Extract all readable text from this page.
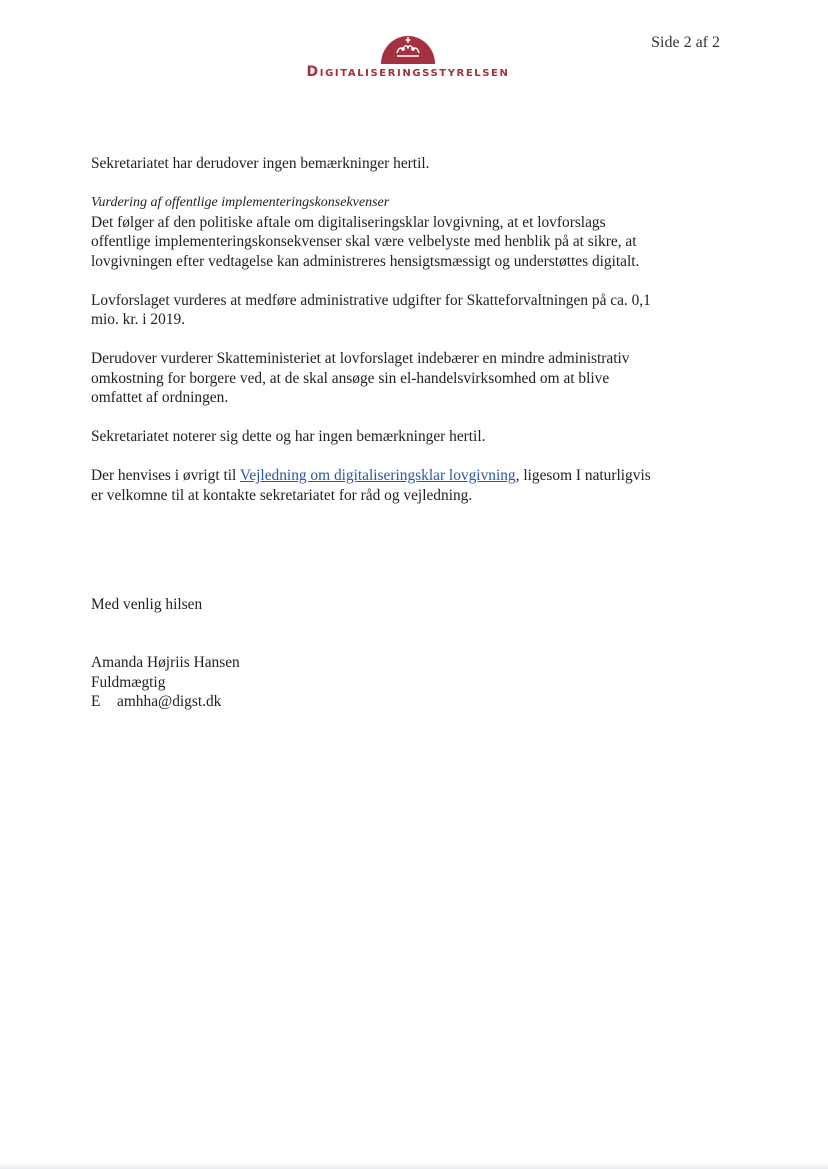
Side 2 af 2
Digitaliseringsstyrelsen

Sekretariatet har derudover ingen bemærkninger hertil.

Vurdering af offentlige implementeringskonsekvenser
Det følger af den politiske aftale om digitaliseringsklar lovgivning, at et lovforslags offentlige implementeringskonsekvenser skal være velbelyste med henblik på at sikre, at lovgivningen efter vedtagelse kan administreres hensigtsmæssigt og understøttes digitalt.

Lovforslaget vurderes at medføre administrative udgifter for Skatteforvaltningen på ca. 0,1 mio. kr. i 2019.

Derudover vurderer Skatteministeriet at lovforslaget indebærer en mindre administrativ omkostning for borgere ved, at de skal ansøge sin el-handelsvirksomhed om at blive omfattet af ordningen.

Sekretariatet noterer sig dette og har ingen bemærkninger hertil.

Der henvises i øvrigt til Vejledning om digitaliseringsklar lovgivning, ligesom I naturligvis er velkomne til at kontakte sekretariatet for råd og vejledning.

Med venlig hilsen
Amanda Højriis Hansen
Fuldmægtig
E amhha@digst.dk
